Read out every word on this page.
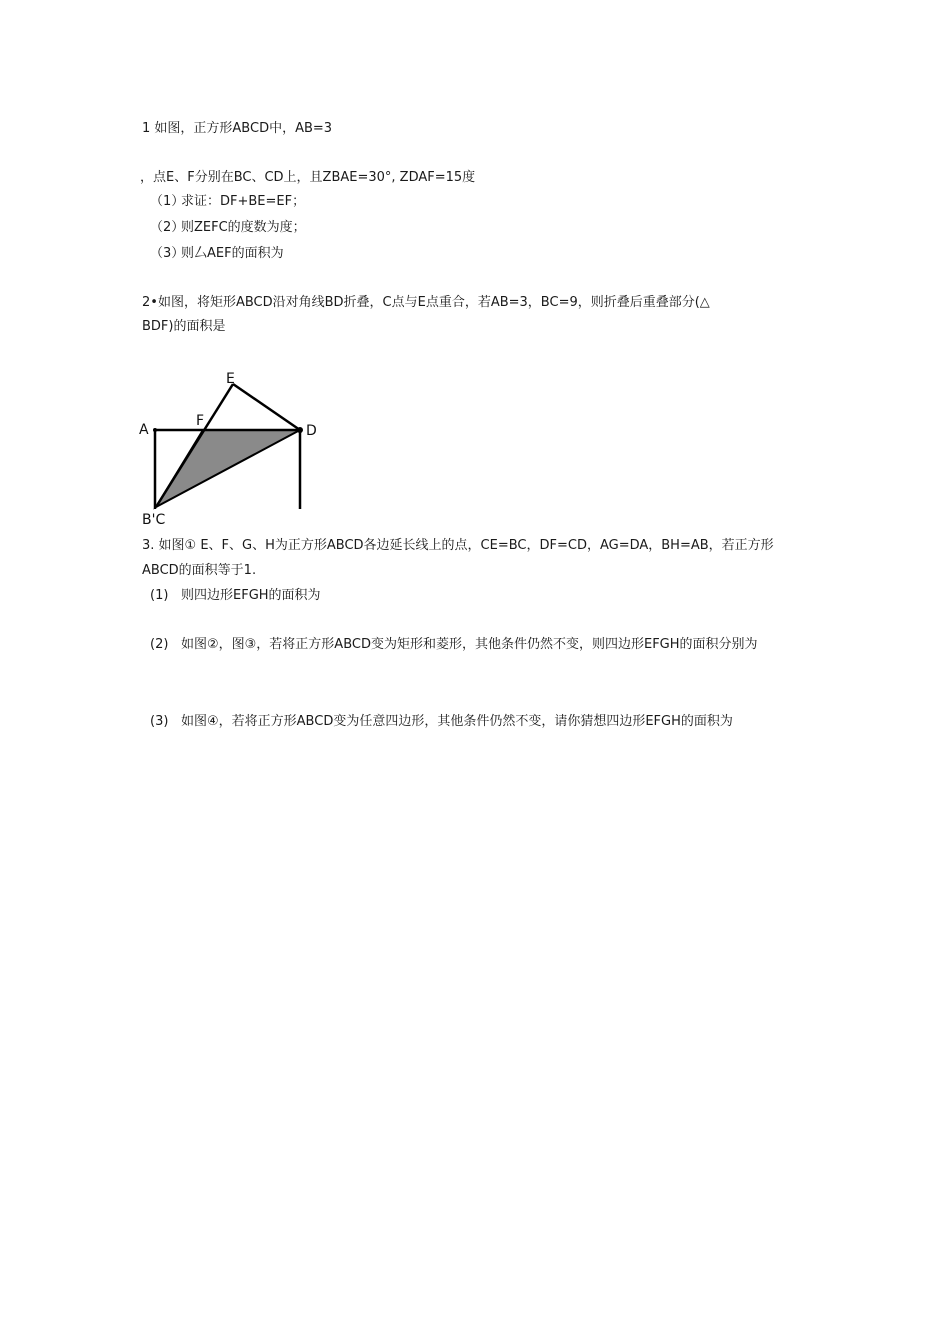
1 如图，正方形ABCD中，AB=3
，点E、F分别在BC、CD上，且ZBAE=30°, ZDAF=15度
（1）求证：DF+BE=EF；
（2）则ZEFC的度数为度；
（3）则厶AEF的面积为
2•如图，将矩形ABCD沿对角线BD折叠，C点与E点重合，若AB=3，BC=9，则折叠后重叠部分(△
BDF)的面积是
A	D
E
F
B'C
3. 如图① E、F、G、H为正方形ABCD各边延长线上的点，CE=BC，DF=CD，AG=DA，BH=AB，若正方形
ABCD的面积等于1.
(1) 则四边形EFGH的面积为
(2) 如图②，图③，若将正方形ABCD变为矩形和菱形，其他条件仍然不变，则四边形EFGH的面积分别为
(3) 如图④，若将正方形ABCD变为任意四边形，其他条件仍然不变，请你猜想四边形EFGH的面积为
